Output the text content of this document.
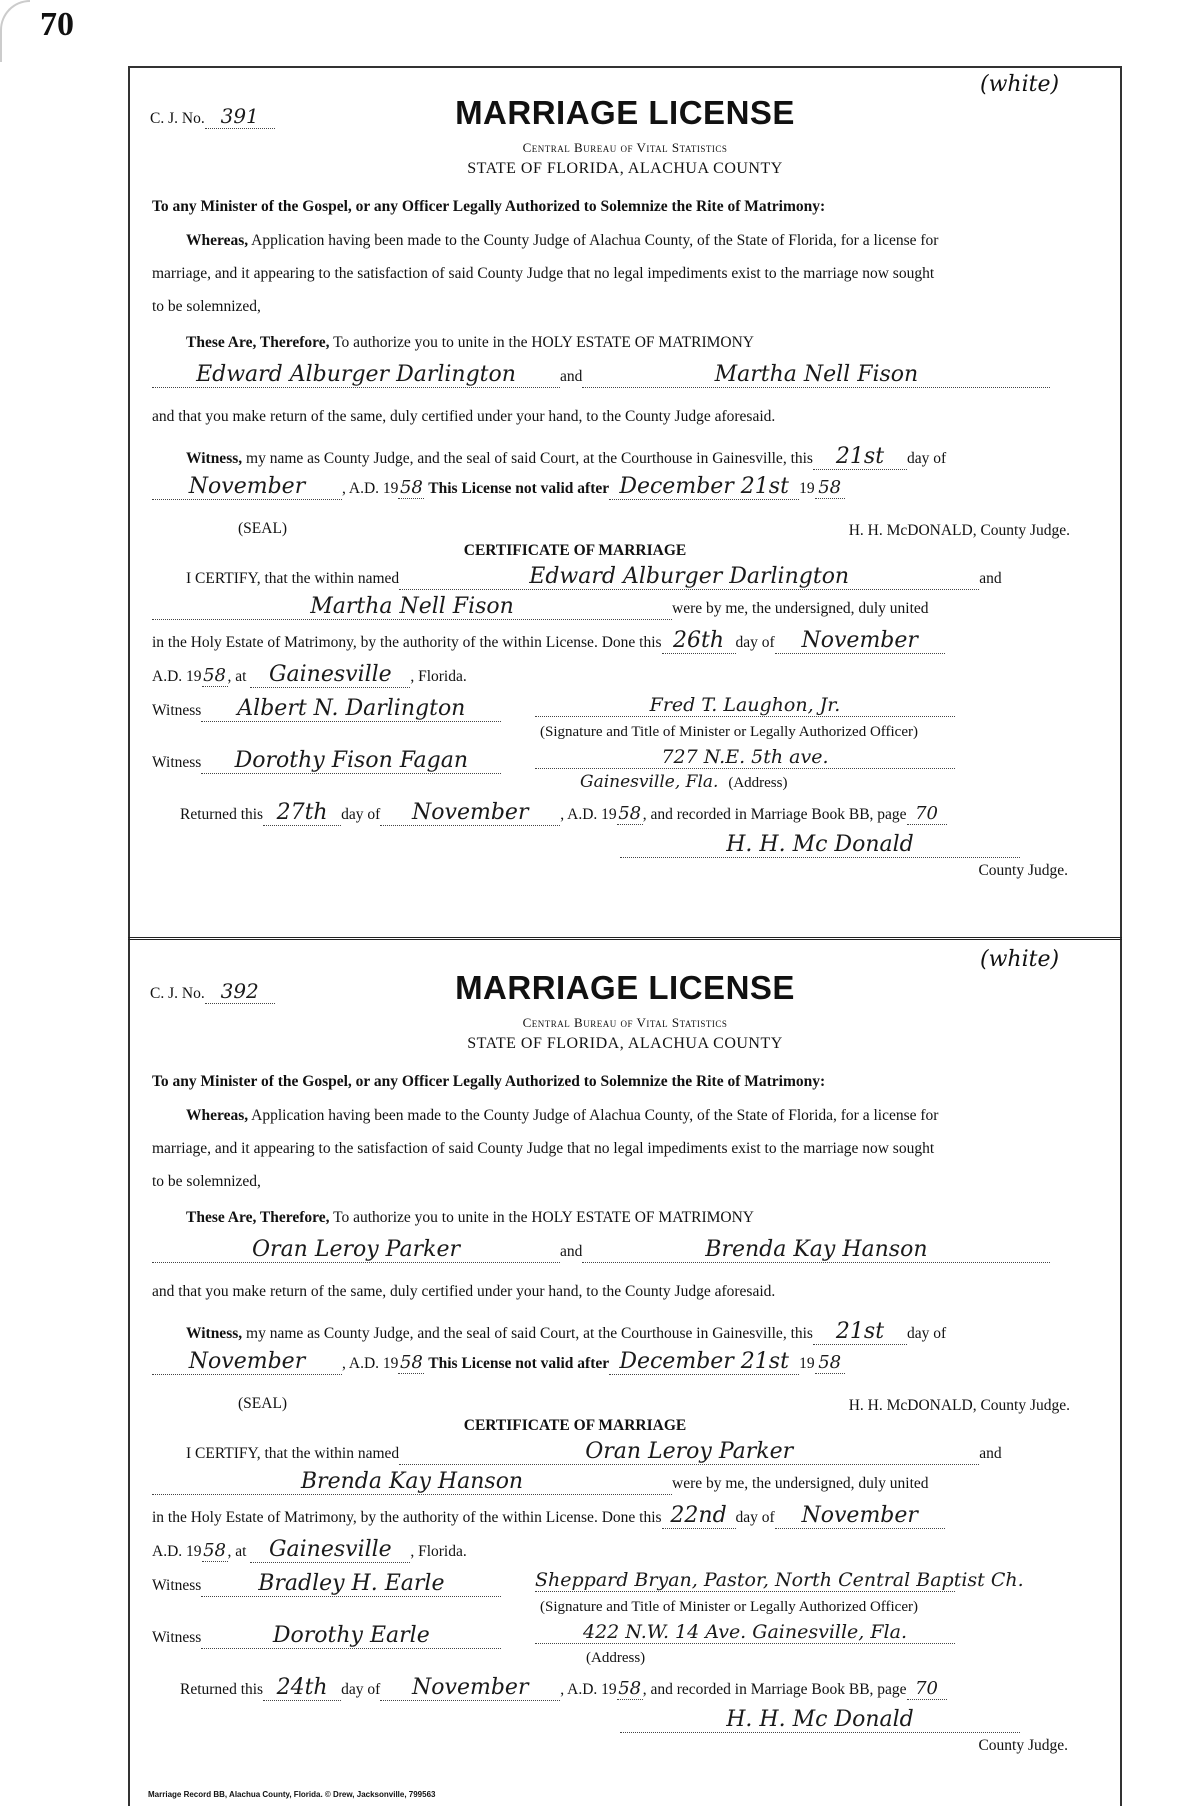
70
(white)
C. J. No. 391	MARRIAGE LICENSE
Central Bureau of Vital Statistics
STATE OF FLORIDA, ALACHUA COUNTY
To any Minister of the Gospel, or any Officer Legally Authorized to Solemnize the Rite of Matrimony:
Whereas, Application having been made to the County Judge of Alachua County, of the State of Florida, for a license for
marriage, and it appearing to the satisfaction of said County Judge that no legal impediments exist to the marriage now sought
to be solemnized,
These Are, Therefore, To authorize you to unite in the HOLY ESTATE OF MATRIMONY
Edward Alburger Darlington	and	Martha Nell Fison
and that you make return of the same, duly certified under your hand, to the County Judge aforesaid.
Witness, my name as County Judge, and the seal of said Court, at the Courthouse in Gainesville, this 21st day of
November , A.D. 1958 This License not valid after December 21st 19 58
(SEAL)	H. H. McDONALD, County Judge.
CERTIFICATE OF MARRIAGE
I CERTIFY, that the within named	Edward Alburger Darlington	and
Martha Nell Fison	were by me, the undersigned, duly united
in the Holy Estate of Matrimony, by the authority of the within License. Done this 26th day of November
A.D. 1958, at Gainesville , Florida.
Witness Albert N. Darlington	Fred T. Laughon, Jr.
(Signature and Title of Minister or Legally Authorized Officer)
Witness Dorothy Fison Fagan	727 N.E. 5th ave.
Gainesville, Fla. (Address)
Returned this 27th day of November , A.D. 1958, and recorded in Marriage Book BB, page 70
H. H. Mc Donald
County Judge.
(white)
C. J. No. 392	MARRIAGE LICENSE
Central Bureau of Vital Statistics
STATE OF FLORIDA, ALACHUA COUNTY
To any Minister of the Gospel, or any Officer Legally Authorized to Solemnize the Rite of Matrimony:
Whereas, Application having been made to the County Judge of Alachua County, of the State of Florida, for a license for
marriage, and it appearing to the satisfaction of said County Judge that no legal impediments exist to the marriage now sought
to be solemnized,
These Are, Therefore, To authorize you to unite in the HOLY ESTATE OF MATRIMONY
Oran Leroy Parker	and	Brenda Kay Hanson
and that you make return of the same, duly certified under your hand, to the County Judge aforesaid.
Witness, my name as County Judge, and the seal of said Court, at the Courthouse in Gainesville, this 21st day of
November , A.D. 1958 This License not valid after December 21st 19 58
(SEAL)	H. H. McDONALD, County Judge.
CERTIFICATE OF MARRIAGE
I CERTIFY, that the within named	Oran Leroy Parker	and
Brenda Kay Hanson	were by me, the undersigned, duly united
in the Holy Estate of Matrimony, by the authority of the within License. Done this 22nd day of November
A.D. 1958, at Gainesville , Florida.
Witness	Bradley H. Earle	Sheppard Bryan, Pastor, North Central Baptist Ch.
(Signature and Title of Minister or Legally Authorized Officer)
Witness	Dorothy Earle	422 N.W. 14 Ave. Gainesville, Fla.
(Address)
Returned this 24th day of November , A.D. 1958, and recorded in Marriage Book BB, page 70
H. H. Mc Donald
County Judge.
Marriage Record BB, Alachua County, Florida. © Drew, Jacksonville, 799563
